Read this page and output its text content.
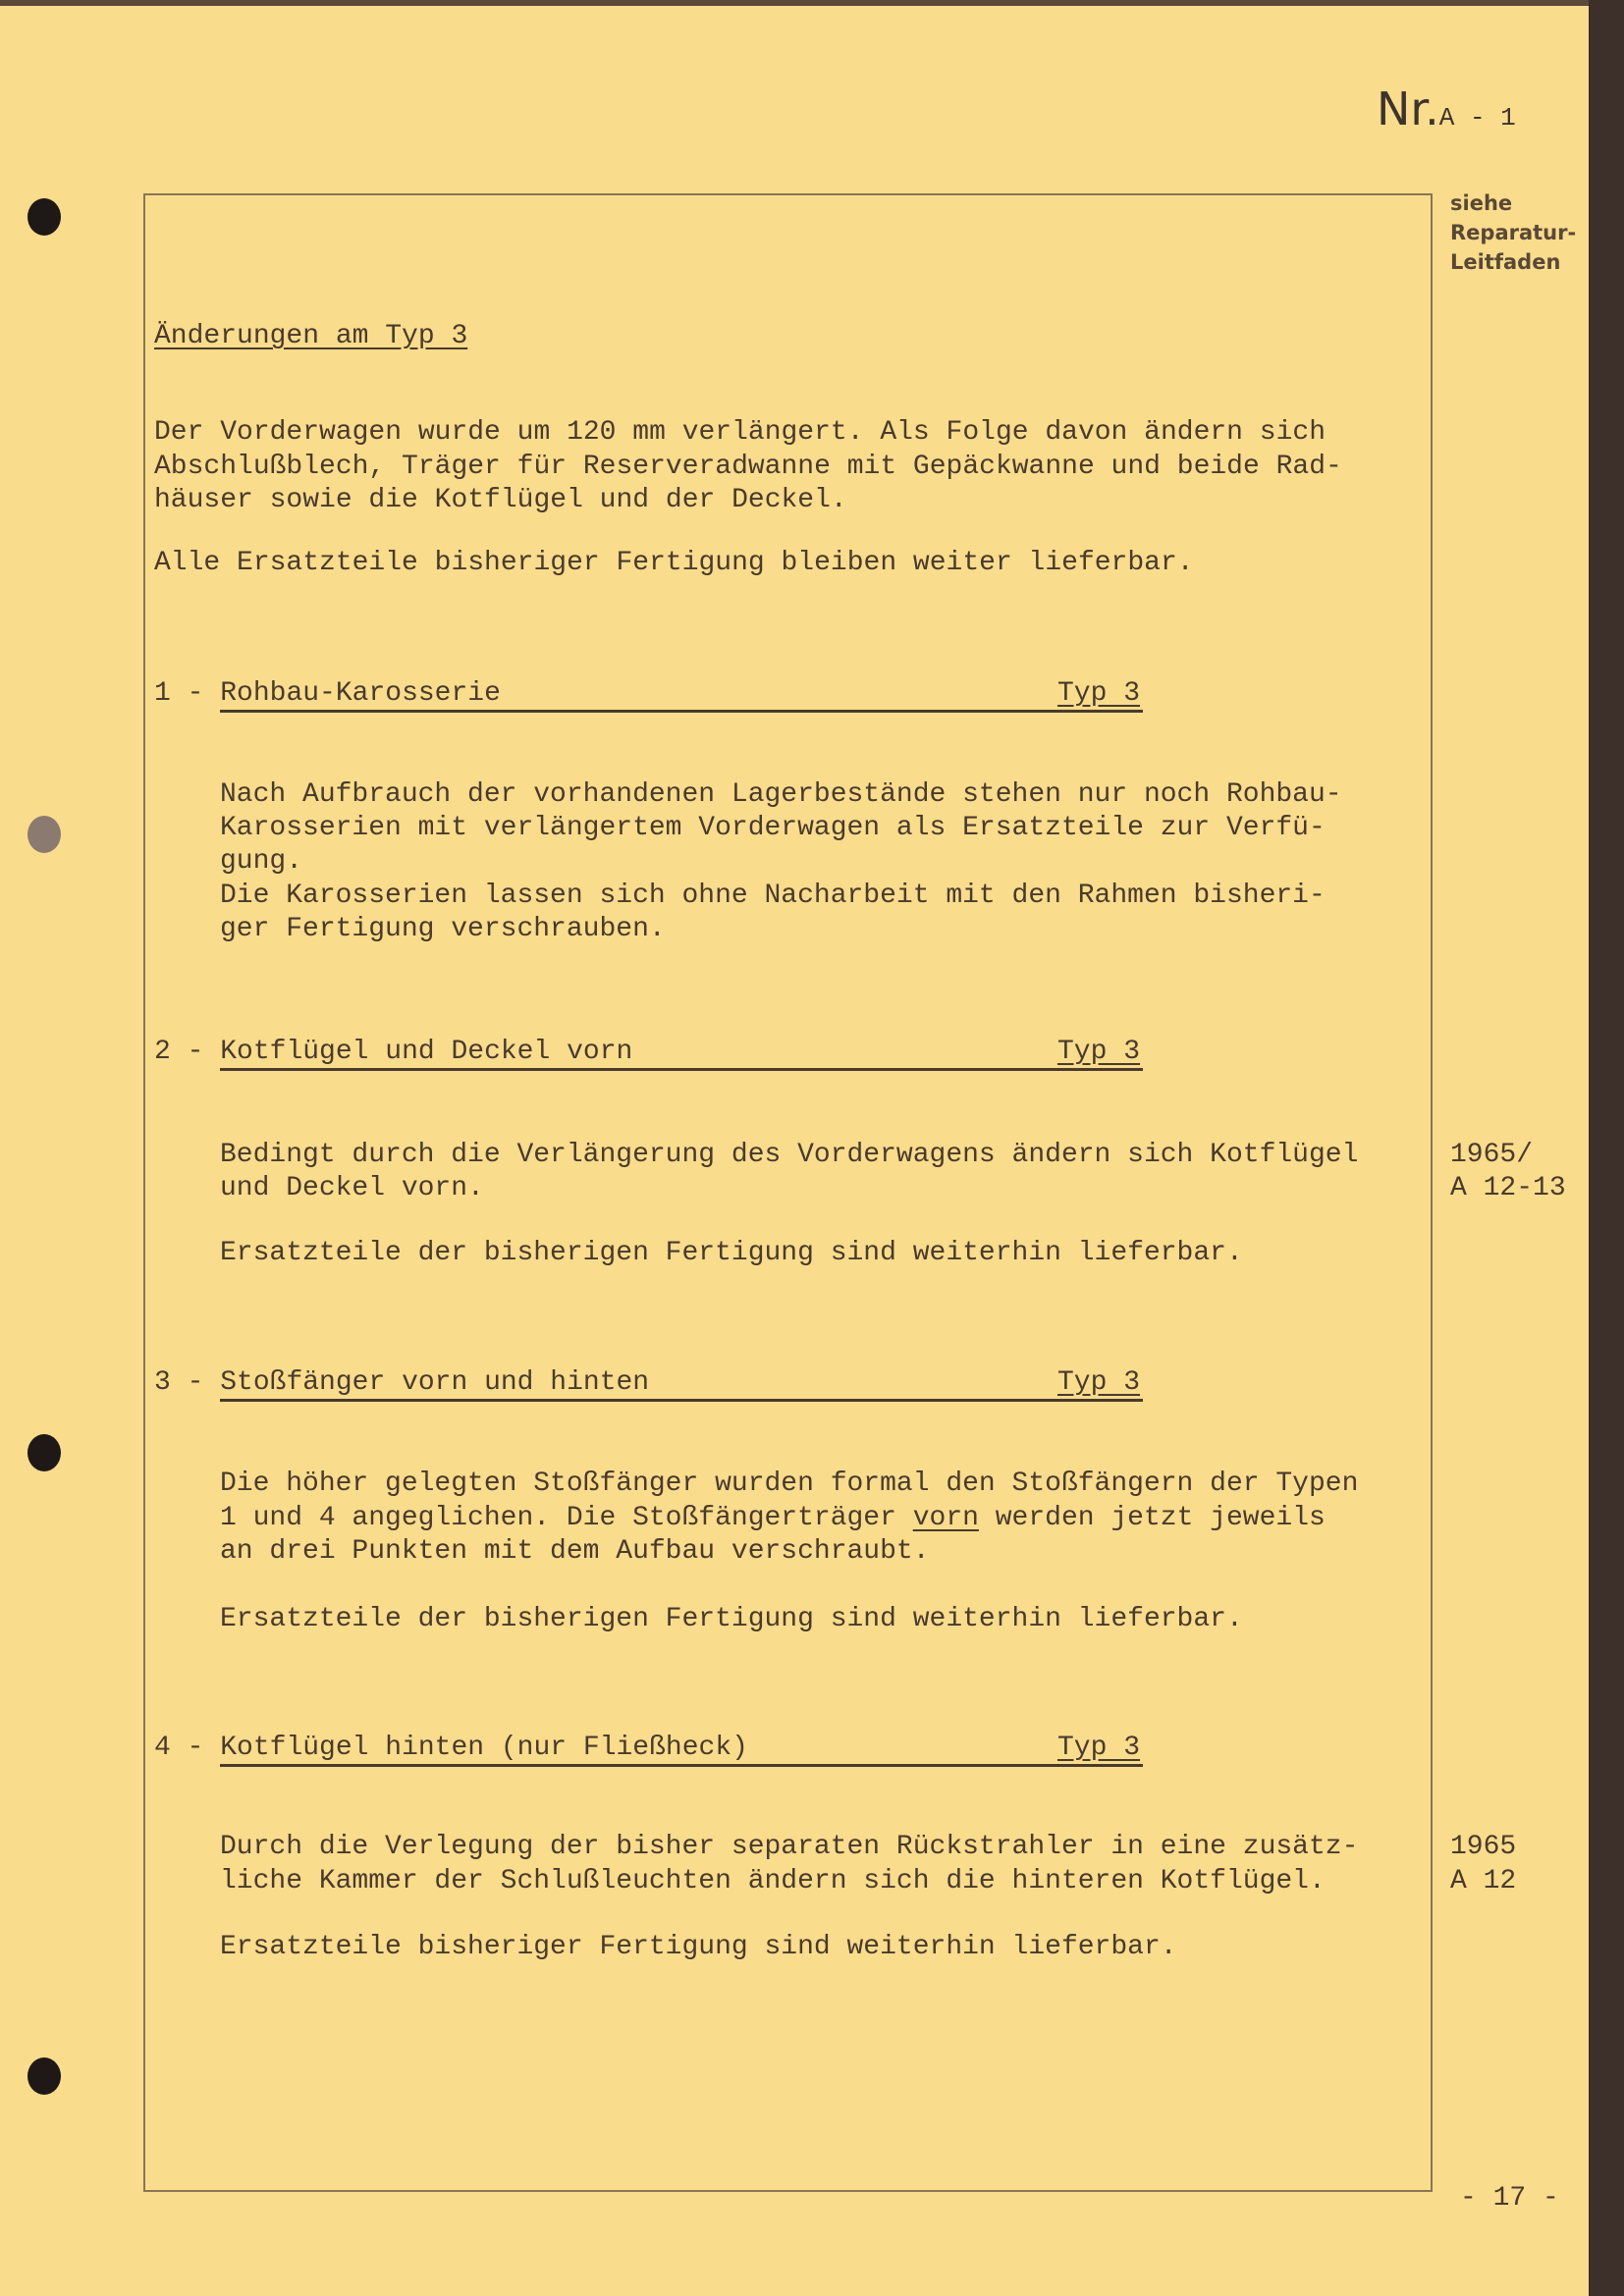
Nr.A - 1
siehe
Reparatur-
Leitfaden
Änderungen am Typ 3
Der Vorderwagen wurde um 120 mm verlängert. Als Folge davon ändern sich
Abschlußblech, Träger für Reserveradwanne mit Gepäckwanne und beide Rad-
häuser sowie die Kotflügel und der Deckel.
Alle Ersatzteile bisheriger Fertigung bleiben weiter lieferbar.
1 - Rohbau-Karosserie	Typ 3
Nach Aufbrauch der vorhandenen Lagerbestände stehen nur noch Rohbau-
Karosserien mit verlängertem Vorderwagen als Ersatzteile zur Verfü-
gung.
Die Karosserien lassen sich ohne Nacharbeit mit den Rahmen bisheri-
ger Fertigung verschrauben.
2 - Kotflügel und Deckel vorn	Typ 3
Bedingt durch die Verlängerung des Vorderwagens ändern sich Kotflügel
und Deckel vorn.
Ersatzteile der bisherigen Fertigung sind weiterhin lieferbar.
1965/
A 12-13
3 - Stoßfänger vorn und hinten	Typ 3
Die höher gelegten Stoßfänger wurden formal den Stoßfängern der Typen
1 und 4 angeglichen. Die Stoßfängerträger vorn werden jetzt jeweils
an drei Punkten mit dem Aufbau verschraubt.
Ersatzteile der bisherigen Fertigung sind weiterhin lieferbar.
4 - Kotflügel hinten (nur Fließheck)	Typ 3
Durch die Verlegung der bisher separaten Rückstrahler in eine zusätz-
liche Kammer der Schlußleuchten ändern sich die hinteren Kotflügel.
Ersatzteile bisheriger Fertigung sind weiterhin lieferbar.
1965
A 12
- 17 -
